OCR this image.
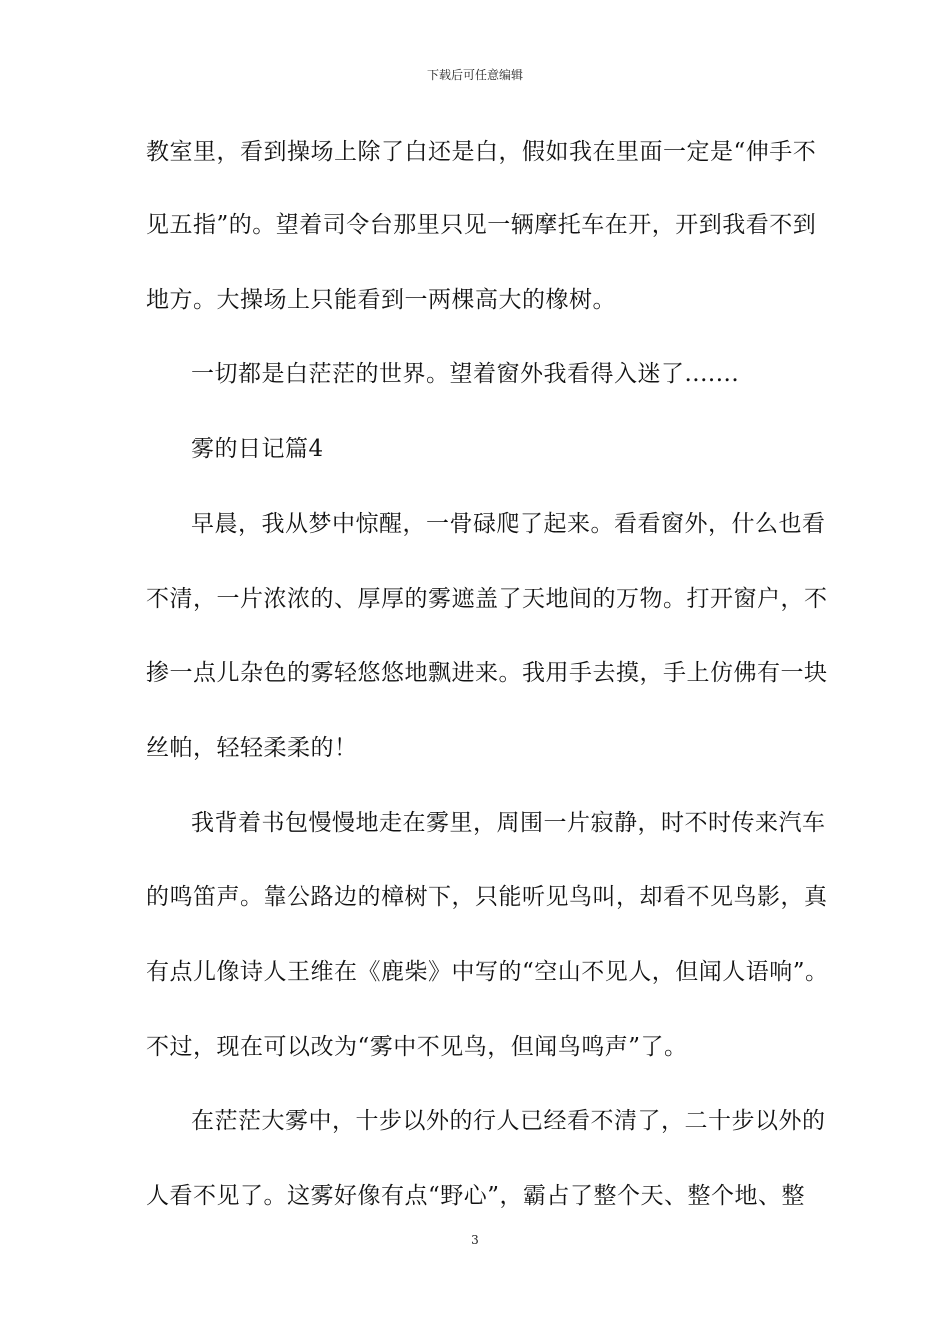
下载后可任意编辑
教室里，看到操场上除了白还是白，假如我在里面一定是“伸手不
见五指”的。望着司令台那里只见一辆摩托车在开，开到我看不到
地方。大操场上只能看到一两棵高大的橡树。
一切都是白茫茫的世界。望着窗外我看得入迷了.......
雾的日记篇4
早晨，我从梦中惊醒，一骨碌爬了起来。看看窗外，什么也看
不清，一片浓浓的、厚厚的雾遮盖了天地间的万物。打开窗户，不
掺一点儿杂色的雾轻悠悠地飘进来。我用手去摸，手上仿佛有一块
丝帕，轻轻柔柔的！
我背着书包慢慢地走在雾里，周围一片寂静，时不时传来汽车
的鸣笛声。靠公路边的樟树下，只能听见鸟叫，却看不见鸟影，真
有点儿像诗人王维在《鹿柴》中写的“空山不见人，但闻人语响”。
不过，现在可以改为“雾中不见鸟，但闻鸟鸣声”了。
在茫茫大雾中，十步以外的行人已经看不清了，二十步以外的
人看不见了。这雾好像有点“野心”，霸占了整个天、整个地、整
3
